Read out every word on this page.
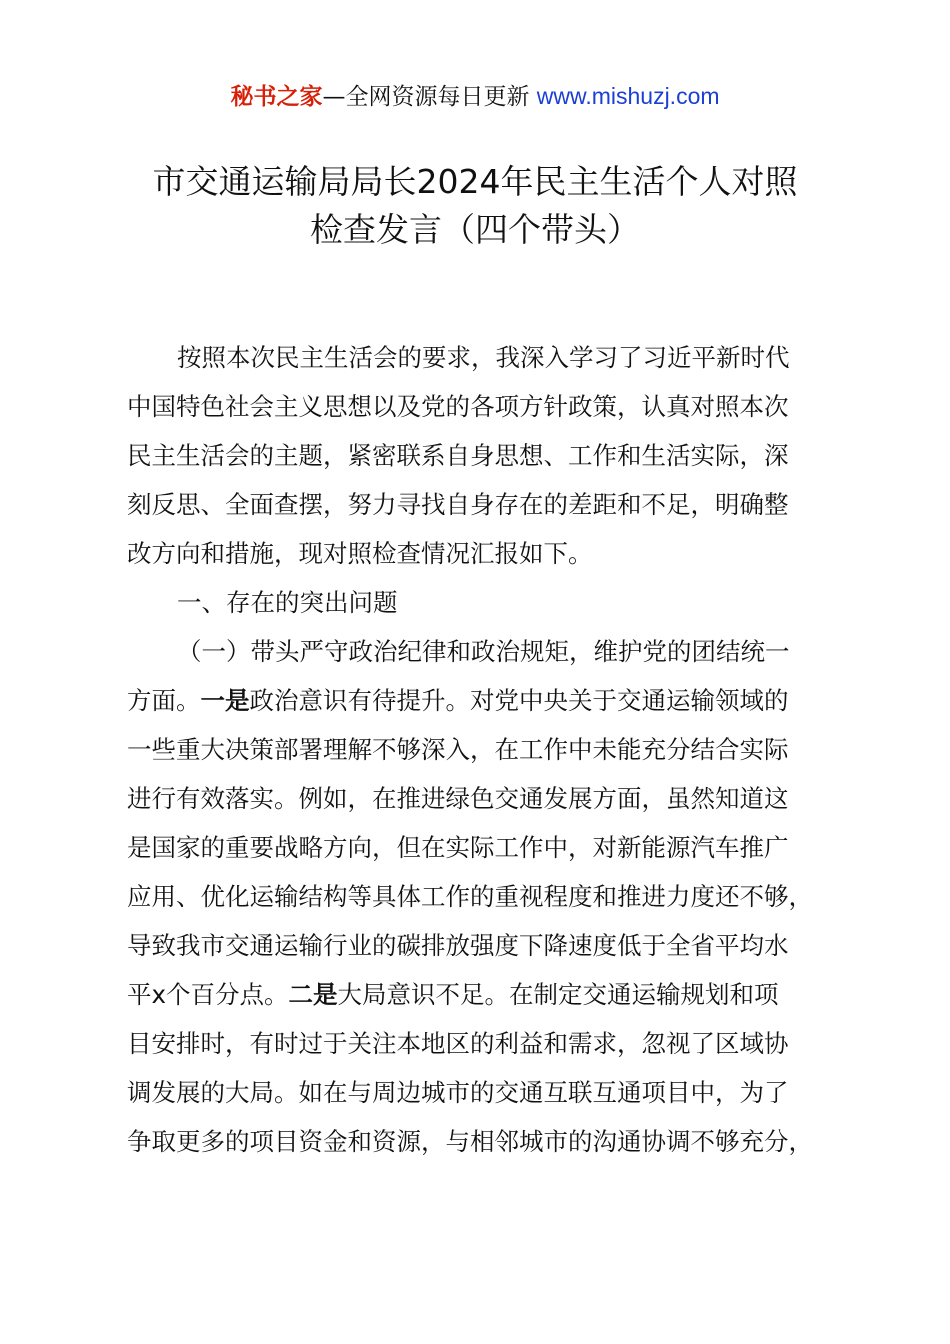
秘书之家—全网资源每日更新 www.mishuzj.com
市交通运输局局长2024年民主生活个人对照
检查发言（四个带头）
按照本次民主生活会的要求，我深入学习了习近平新时代
中国特色社会主义思想以及党的各项方针政策，认真对照本次
民主生活会的主题，紧密联系自身思想、工作和生活实际，深
刻反思、全面查摆，努力寻找自身存在的差距和不足，明确整
改方向和措施，现对照检查情况汇报如下。
一、存在的突出问题
（一）带头严守政治纪律和政治规矩，维护党的团结统一
方面。一是政治意识有待提升。对党中央关于交通运输领域的
一些重大决策部署理解不够深入，在工作中未能充分结合实际
进行有效落实。例如，在推进绿色交通发展方面，虽然知道这
是国家的重要战略方向，但在实际工作中，对新能源汽车推广
应用、优化运输结构等具体工作的重视程度和推进力度还不够，
导致我市交通运输行业的碳排放强度下降速度低于全省平均水
平x个百分点。二是大局意识不足。在制定交通运输规划和项
目安排时，有时过于关注本地区的利益和需求，忽视了区域协
调发展的大局。如在与周边城市的交通互联互通项目中，为了
争取更多的项目资金和资源，与相邻城市的沟通协调不够充分，
